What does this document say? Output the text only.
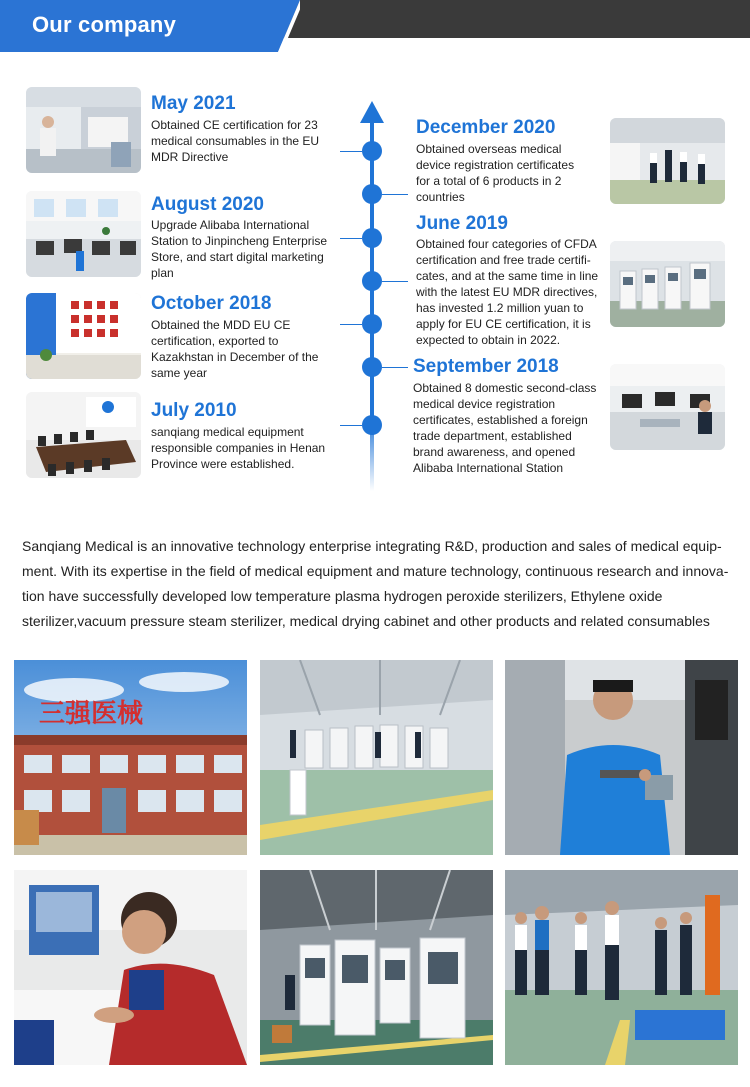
Our company
May 2021
Obtained CE certification for 23 medical consumables in the EU MDR Directive
August 2020
Upgrade Alibaba International Station to Jinpincheng Enterprise Store, and start digital marketing plan
October 2018
Obtained the MDD EU CE certification, exported to Kazakhstan in December of the same year
July 2010
sanqiang medical equipment responsible companies in Henan Province were established.
December 2020
Obtained overseas medical device registration certificates for a total of 6 products in 2 countries
June 2019
Obtained four categories of CFDA certification and free trade certifi-cates, and at the same time in line with the latest EU MDR directives, has invested 1.2 million yuan to apply for EU CE certification, it is expected to obtain in 2022.
September 2018
Obtained 8 domestic second-class medical device registration certificates, established a foreign trade department, established brand awareness, and opened Alibaba International Station
Sanqiang Medical is an innovative technology enterprise integrating R&D, production and sales of medical equip-ment. With its expertise in the field of medical equipment and mature technology, continuous research and innova-tion have successfully developed low temperature plasma hydrogen peroxide sterilizers, Ethylene oxide sterilizer,vacuum pressure steam sterilizer, medical drying cabinet and other products and related consumables
三强医械
